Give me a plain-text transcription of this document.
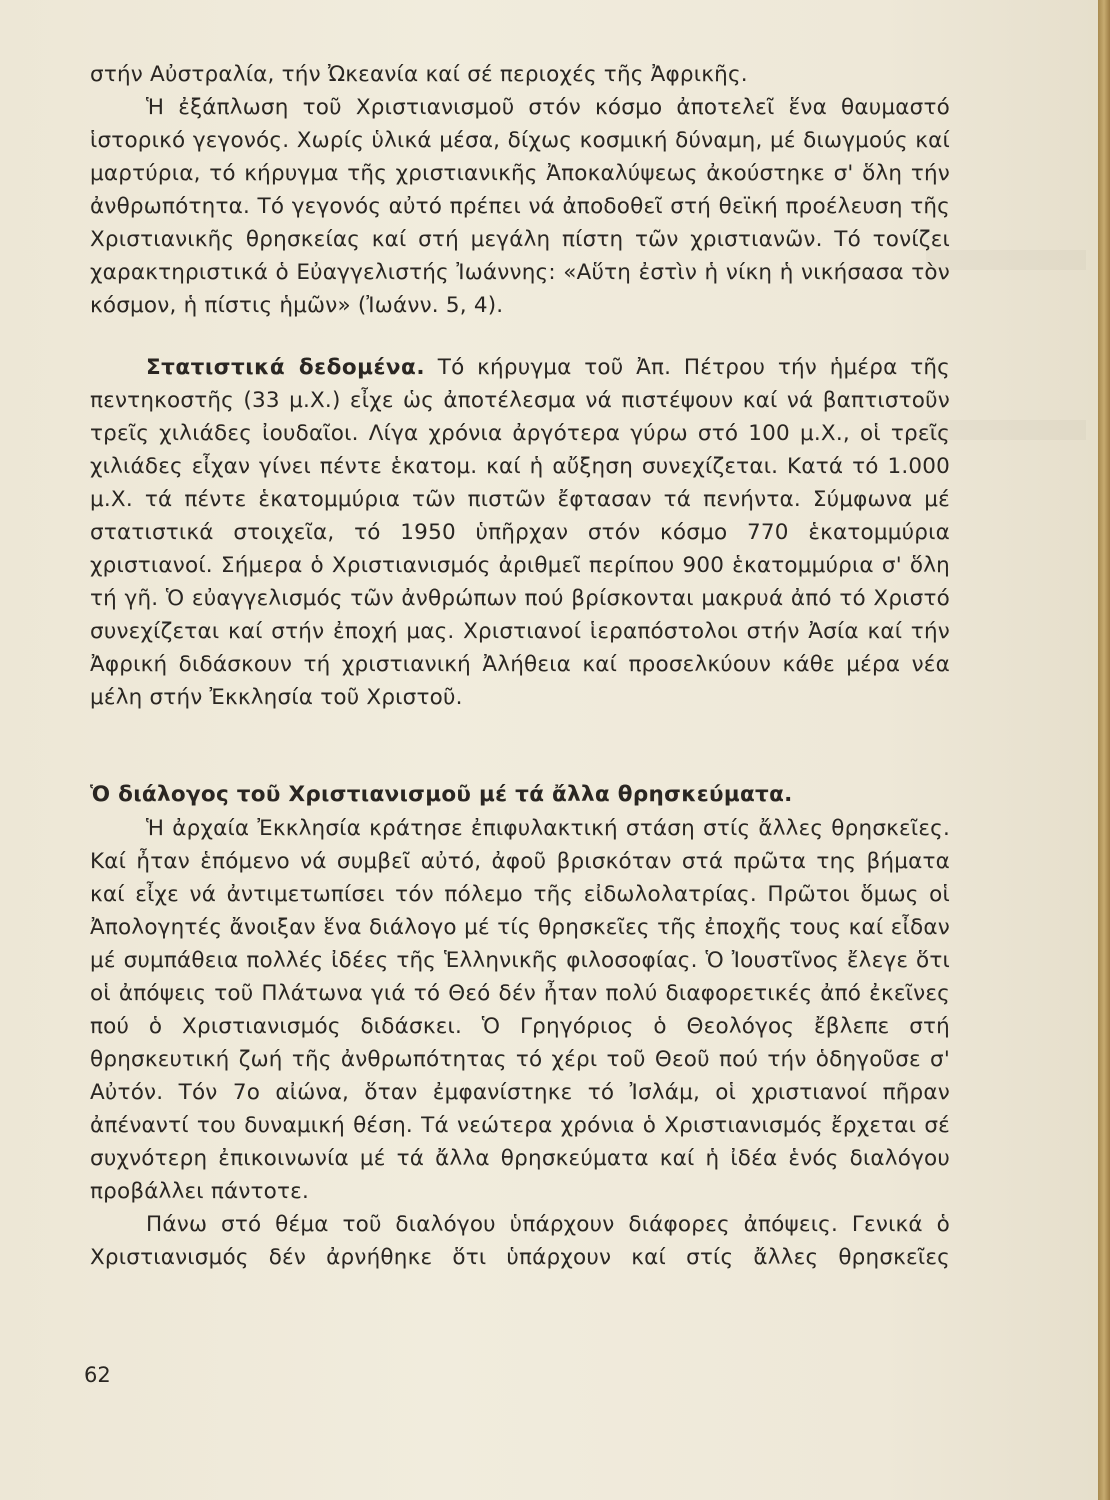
στήν Αὐστραλία, τήν Ὠκεανία καί σέ περιοχές τῆς Ἀφρικῆς.

Ἡ ἐξάπλωση τοῦ Χριστιανισμοῦ στόν κόσμο ἀποτελεῖ ἕνα θαυμαστό ἱστορικό γεγονός. Χωρίς ὑλικά μέσα, δίχως κοσμική δύναμη, μέ διωγμούς καί μαρτύρια, τό κήρυγμα τῆς χριστιανικῆς Ἀποκαλύψεως ἀκούστηκε σ' ὅλη τήν ἀνθρωπότητα. Τό γεγονός αὐτό πρέπει νά ἀποδοθεῖ στή θεϊκή προέλευση τῆς Χριστιανικῆς θρησκείας καί στή μεγάλη πίστη τῶν χριστιανῶν. Τό τονίζει χαρακτηριστικά ὁ Εὐαγγελιστής Ἰωάννης: «Αὕτη ἐστὶν ἡ νίκη ἡ νικήσασα τὸν κόσμον, ἡ πίστις ἡμῶν» (Ἰωάνν. 5, 4).

Στατιστικά δεδομένα. Τό κήρυγμα τοῦ Ἀπ. Πέτρου τήν ἡμέρα τῆς πεντηκοστῆς (33 μ.Χ.) εἶχε ὡς ἀποτέλεσμα νά πιστέψουν καί νά βαπτιστοῦν τρεῖς χιλιάδες ἰουδαῖοι. Λίγα χρόνια ἀργότερα γύρω στό 100 μ.Χ., οἱ τρεῖς χιλιάδες εἶχαν γίνει πέντε ἑκατομ. καί ἡ αὔξηση συνεχίζεται. Κατά τό 1.000 μ.Χ. τά πέντε ἑκατομμύρια τῶν πιστῶν ἔφτασαν τά πενήντα. Σύμφωνα μέ στατιστικά στοιχεῖα, τό 1950 ὑπῆρχαν στόν κόσμο 770 ἑκατομμύρια χριστιανοί. Σήμερα ὁ Χριστιανισμός ἀριθμεῖ περίπου 900 ἑκατομμύρια σ' ὅλη τή γῆ. Ὁ εὐαγγελισμός τῶν ἀνθρώπων πού βρίσκονται μακρυά ἀπό τό Χριστό συνεχίζεται καί στήν ἐποχή μας. Χριστιανοί ἱεραπόστολοι στήν Ἀσία καί τήν Ἀφρική διδάσκουν τή χριστιανική Ἀλήθεια καί προσελκύουν κάθε μέρα νέα μέλη στήν Ἐκκλησία τοῦ Χριστοῦ.

Ὁ διάλογος τοῦ Χριστιανισμοῦ μέ τά ἄλλα θρησκεύματα.

Ἡ ἀρχαία Ἐκκλησία κράτησε ἐπιφυλακτική στάση στίς ἄλλες θρησκεῖες. Καί ἦταν ἑπόμενο νά συμβεῖ αὐτό, ἀφοῦ βρισκόταν στά πρῶτα της βήματα καί εἶχε νά ἀντιμετωπίσει τόν πόλεμο τῆς εἰδωλολατρίας. Πρῶτοι ὅμως οἱ Ἀπολογητές ἄνοιξαν ἕνα διάλογο μέ τίς θρησκεῖες τῆς ἐποχῆς τους καί εἶδαν μέ συμπάθεια πολλές ἰδέες τῆς Ἑλληνικῆς φιλοσοφίας. Ὁ Ἰουστῖνος ἔλεγε ὅτι οἱ ἀπόψεις τοῦ Πλάτωνα γιά τό Θεό δέν ἦταν πολύ διαφορετικές ἀπό ἐκεῖνες πού ὁ Χριστιανισμός διδάσκει. Ὁ Γρηγόριος ὁ Θεολόγος ἔβλεπε στή θρησκευτική ζωή τῆς ἀνθρωπότητας τό χέρι τοῦ Θεοῦ πού τήν ὁδηγοῦσε σ' Αὐτόν. Τόν 7ο αἰώνα, ὅταν ἐμφανίστηκε τό Ἰσλάμ, οἱ χριστιανοί πῆραν ἀπέναντί του δυναμική θέση. Τά νεώτερα χρόνια ὁ Χριστιανισμός ἔρχεται σέ συχνότερη ἐπικοινωνία μέ τά ἄλλα θρησκεύματα καί ἡ ἰδέα ἑνός διαλόγου προβάλλει πάντοτε.

Πάνω στό θέμα τοῦ διαλόγου ὑπάρχουν διάφορες ἀπόψεις. Γενικά ὁ Χριστιανισμός δέν ἀρνήθηκε ὅτι ὑπάρχουν καί στίς ἄλλες θρησκεῖες

62
